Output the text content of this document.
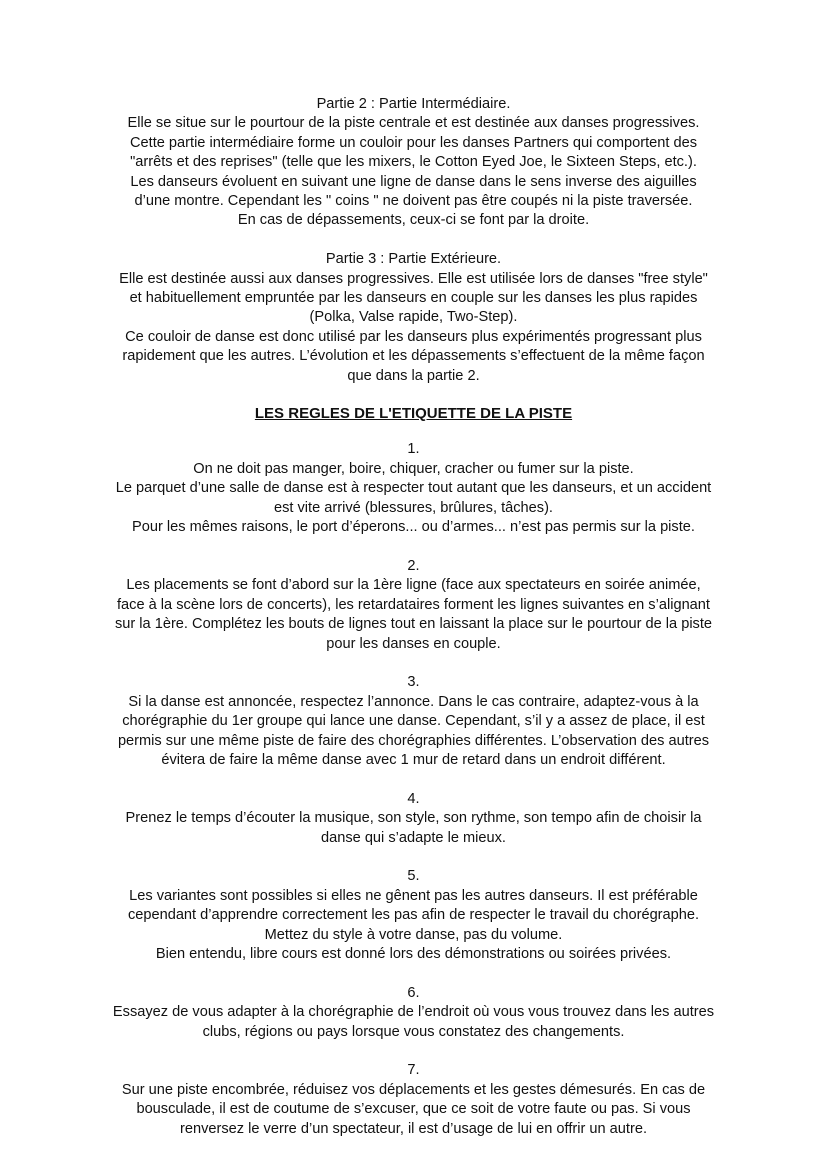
Partie 2 : Partie Intermédiaire.

Elle se situe sur le pourtour de la piste centrale et est destinée aux danses progressives.

Cette partie intermédiaire forme un couloir pour les danses Partners qui comportent des

"arrêts et des reprises" (telle que les mixers, le Cotton Eyed Joe, le Sixteen Steps, etc.).

Les danseurs évoluent en suivant une ligne de danse dans le sens inverse des aiguilles

d’une montre. Cependant les " coins " ne doivent pas être coupés ni la piste traversée.

En cas de dépassements, ceux-ci se font par la droite.

Partie 3 : Partie Extérieure.

Elle est destinée aussi aux danses progressives. Elle est utilisée lors de danses "free style"

et habituellement empruntée par les danseurs en couple sur les danses les plus rapides

(Polka, Valse rapide, Two-Step).

Ce couloir de danse est donc utilisé par les danseurs plus expérimentés progressant plus

rapidement que les autres. L’évolution et les dépassements s’effectuent de la même façon

que dans la partie 2.

LES REGLES DE L'ETIQUETTE DE LA PISTE

1.

On ne doit pas manger, boire, chiquer, cracher ou fumer sur la piste.

Le parquet d’une salle de danse est à respecter tout autant que les danseurs, et un accident

est vite arrivé (blessures, brûlures, tâches).

Pour les mêmes raisons, le port d’éperons... ou d’armes... n’est pas permis sur la piste.

2.

Les placements se font d’abord sur la 1ère ligne (face aux spectateurs en soirée animée,

face à la scène lors de concerts), les retardataires forment les lignes suivantes en s’alignant

sur la 1ère. Complétez les bouts de lignes tout en laissant la place sur le pourtour de la piste

pour les danses en couple.

3.

Si la danse est annoncée, respectez l’annonce. Dans le cas contraire, adaptez-vous à la

chorégraphie du 1er groupe qui lance une danse. Cependant, s’il y a assez de place, il est

permis sur une même piste de faire des chorégraphies différentes. L’observation des autres

évitera de faire la même danse avec 1 mur de retard dans un endroit différent.

4.

Prenez le temps d’écouter la musique, son style, son rythme, son tempo afin de choisir la

danse qui s’adapte le mieux.

5.

Les variantes sont possibles si elles ne gênent pas les autres danseurs. Il est préférable

cependant d’apprendre correctement les pas afin de respecter le travail du chorégraphe.

Mettez du style à votre danse, pas du volume.

Bien entendu, libre cours est donné lors des démonstrations ou soirées privées.

6.

Essayez de vous adapter à la chorégraphie de l’endroit où vous vous trouvez dans les autres

clubs, régions ou pays lorsque vous constatez des changements.

7.

Sur une piste encombrée, réduisez vos déplacements et les gestes démesurés. En cas de

bousculade, il est de coutume de s’excuser, que ce soit de votre faute ou pas. Si vous

renversez le verre d’un spectateur, il est d’usage de lui en offrir un autre.
